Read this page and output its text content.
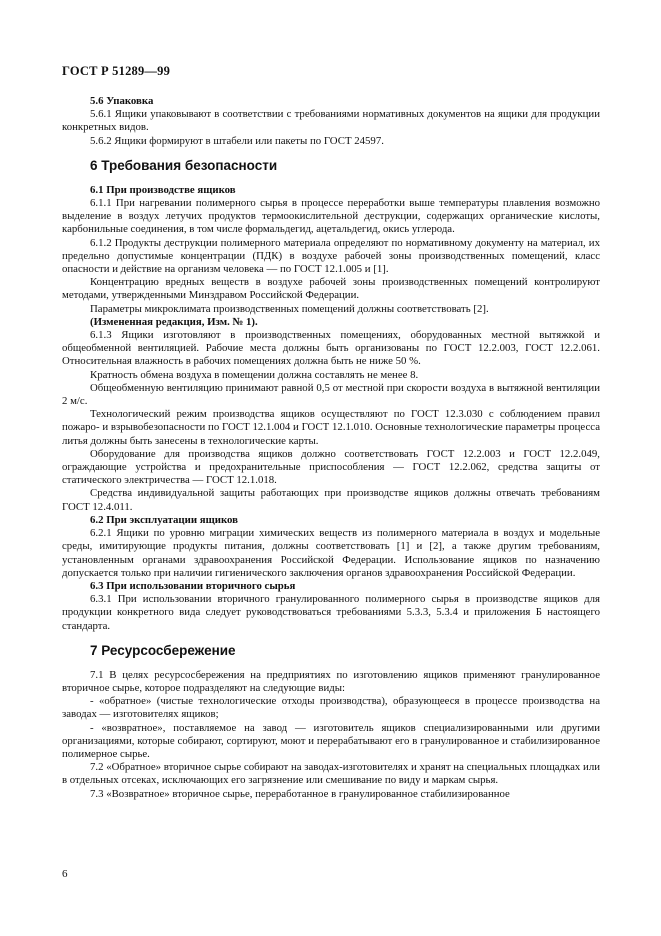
ГОСТ Р 51289—99
5.6 Упаковка

5.6.1 Ящики упаковывают в соответствии с требованиями нормативных документов на ящики для продукции конкретных видов.

5.6.2 Ящики формируют в штабели или пакеты по ГОСТ 24597.

6 Требования безопасности
6.1 При производстве ящиков

6.1.1 При нагревании полимерного сырья в процессе переработки выше температуры плавления возможно выделение в воздух летучих продуктов термоокислительной деструкции, содержащих органические кислоты, карбонильные соединения, в том числе формальдегид, ацетальдегид, окись углерода.

6.1.2 Продукты деструкции полимерного материала определяют по нормативному документу на материал, их предельно допустимые концентрации (ПДК) в воздухе рабочей зоны производственных помещений, класс опасности и действие на организм человека — по ГОСТ 12.1.005 и [1].

Концентрацию вредных веществ в воздухе рабочей зоны производственных помещений контролируют методами, утвержденными Минздравом Российской Федерации.

Параметры микроклимата производственных помещений должны соответствовать [2].

(Измененная редакция, Изм. № 1).

6.1.3 Ящики изготовляют в производственных помещениях, оборудованных местной вытяжкой и общеобменной вентиляцией. Рабочие места должны быть организованы по ГОСТ 12.2.003, ГОСТ 12.2.061. Относительная влажность в рабочих помещениях должна быть не ниже 50 %.

Кратность обмена воздуха в помещении должна составлять не менее 8.

Общеобменную вентиляцию принимают равной 0,5 от местной при скорости воздуха в вытяжной вентиляции 2 м/с.

Технологический режим производства ящиков осуществляют по ГОСТ 12.3.030 с соблюдением правил пожаро- и взрывобезопасности по ГОСТ 12.1.004 и ГОСТ 12.1.010. Основные технологические параметры процесса литья должны быть занесены в технологические карты.

Оборудование для производства ящиков должно соответствовать ГОСТ 12.2.003 и ГОСТ 12.2.049, ограждающие устройства и предохранительные приспособления — ГОСТ 12.2.062, средства защиты от статического электричества — ГОСТ 12.1.018.

Средства индивидуальной защиты работающих при производстве ящиков должны отвечать требованиям ГОСТ 12.4.011.

6.2 При эксплуатации ящиков

6.2.1 Ящики по уровню миграции химических веществ из полимерного материала в воздух и модельные среды, имитирующие продукты питания, должны соответствовать [1] и [2], а также другим требованиям, установленным органами здравоохранения Российской Федерации. Использование ящиков по назначению допускается только при наличии гигиенического заключения органов здравоохранения Российской Федерации.

6.3 При использовании вторичного сырья

6.3.1 При использовании вторичного гранулированного полимерного сырья в производстве ящиков для продукции конкретного вида следует руководствоваться требованиями 5.3.3, 5.3.4 и приложения Б настоящего стандарта.

7 Ресурсосбережение

7.1 В целях ресурсосбережения на предприятиях по изготовлению ящиков применяют гранулированное вторичное сырье, которое подразделяют на следующие виды:

- «обратное» (чистые технологические отходы производства), образующееся в процессе производства на заводах — изготовителях ящиков;

- «возвратное», поставляемое на завод — изготовитель ящиков специализированными или другими организациями, которые собирают, сортируют, моют и перерабатывают его в гранулированное и стабилизированное полимерное сырье.

7.2 «Обратное» вторичное сырье собирают на заводах-изготовителях и хранят на специальных площадках или в отдельных отсеках, исключающих его загрязнение или смешивание по виду и маркам сырья.

7.3 «Возвратное» вторичное сырье, переработанное в гранулированное стабилизированное

6
